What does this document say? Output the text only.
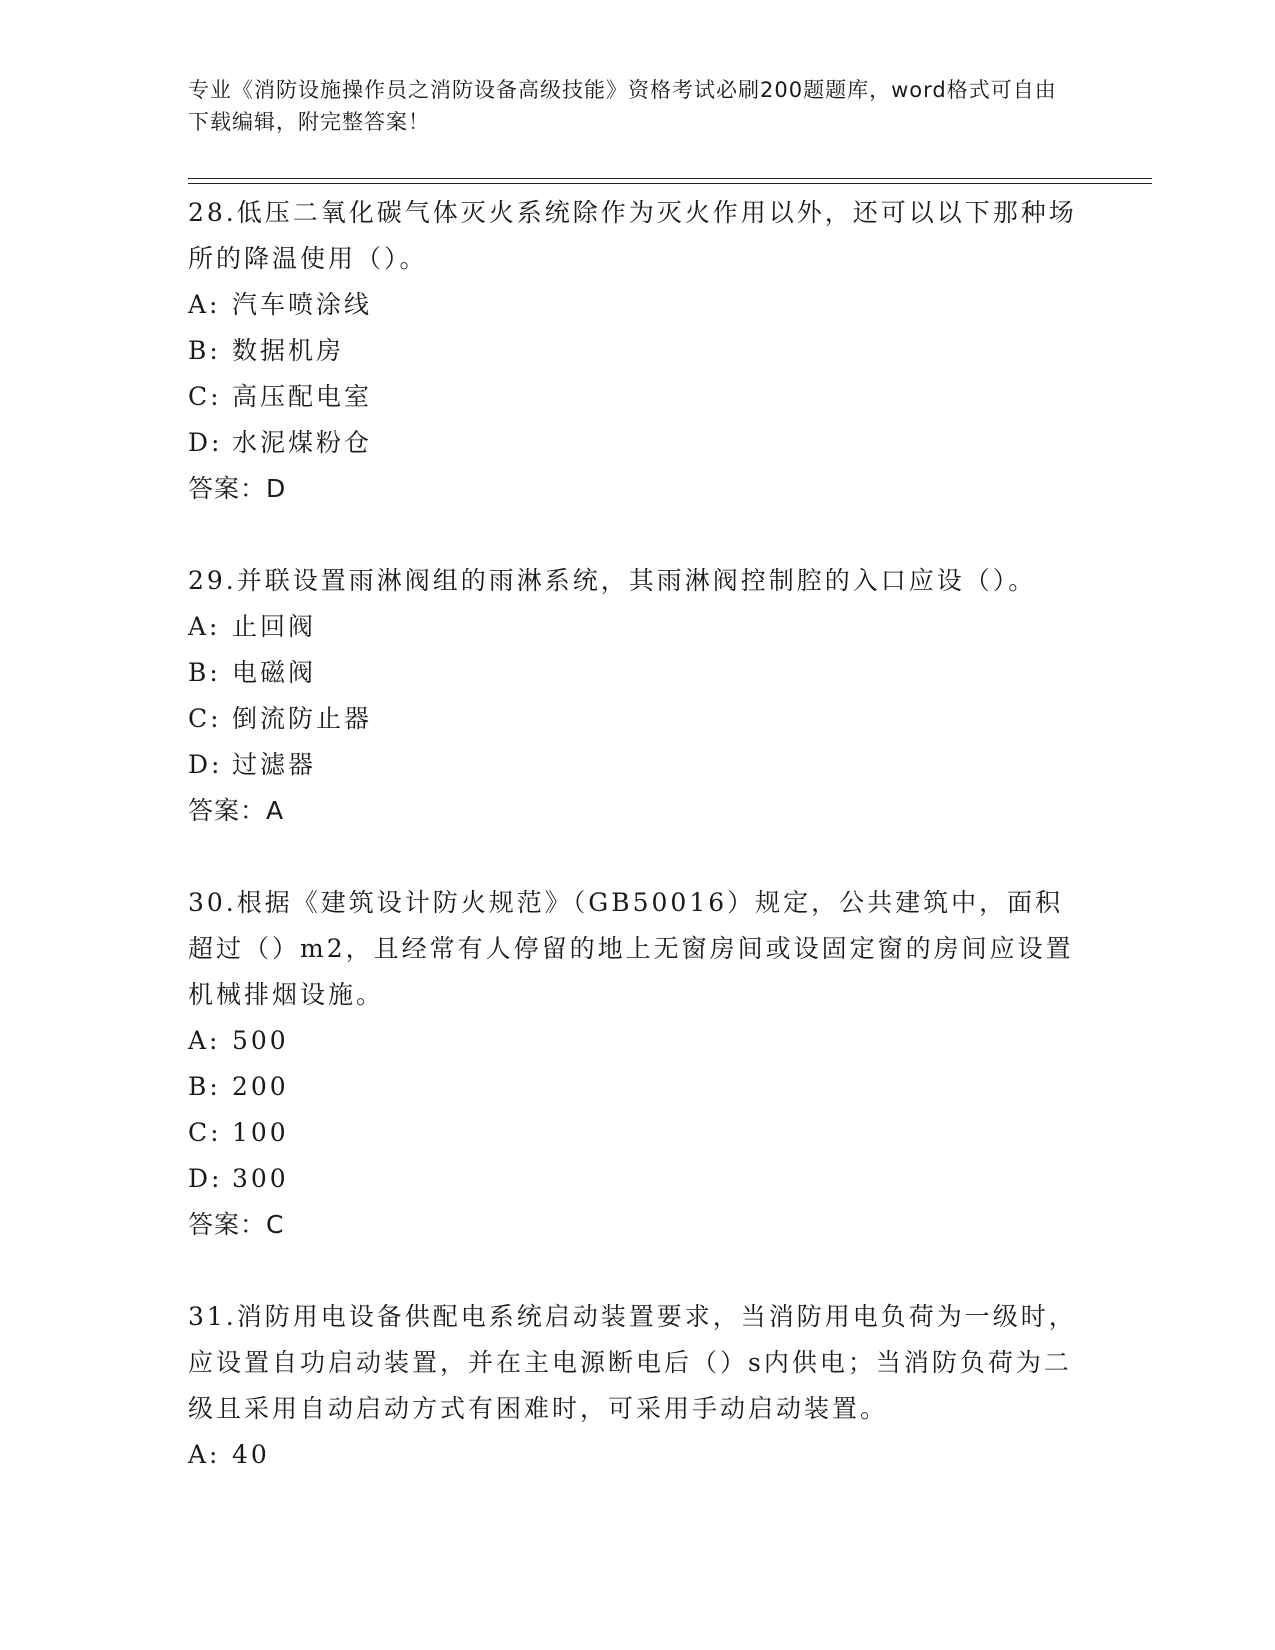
专业《消防设施操作员之消防设备高级技能》资格考试必刷200题题库，word格式可自由下载编辑，附完整答案！

28.低压二氧化碳气体灭火系统除作为灭火作用以外，还可以以下那种场所的降温使用（）。

A: 汽车喷涂线

B: 数据机房

C: 高压配电室

D: 水泥煤粉仓

答案：D

29.并联设置雨淋阀组的雨淋系统，其雨淋阀控制腔的入口应设（）。

A: 止回阀

B: 电磁阀

C: 倒流防止器

D: 过滤器

答案：A

30.根据《建筑设计防火规范》（GB50016）规定，公共建筑中，面积超过（）m2，且经常有人停留的地上无窗房间或设固定窗的房间应设置机械排烟设施。

A: 500

B: 200

C: 100

D: 300

答案：C

31.消防用电设备供配电系统启动装置要求，当消防用电负荷为一级时，应设置自功启动装置，并在主电源断电后（）s内供电；当消防负荷为二级且采用自动启动方式有困难时，可采用手动启动装置。

A: 40
